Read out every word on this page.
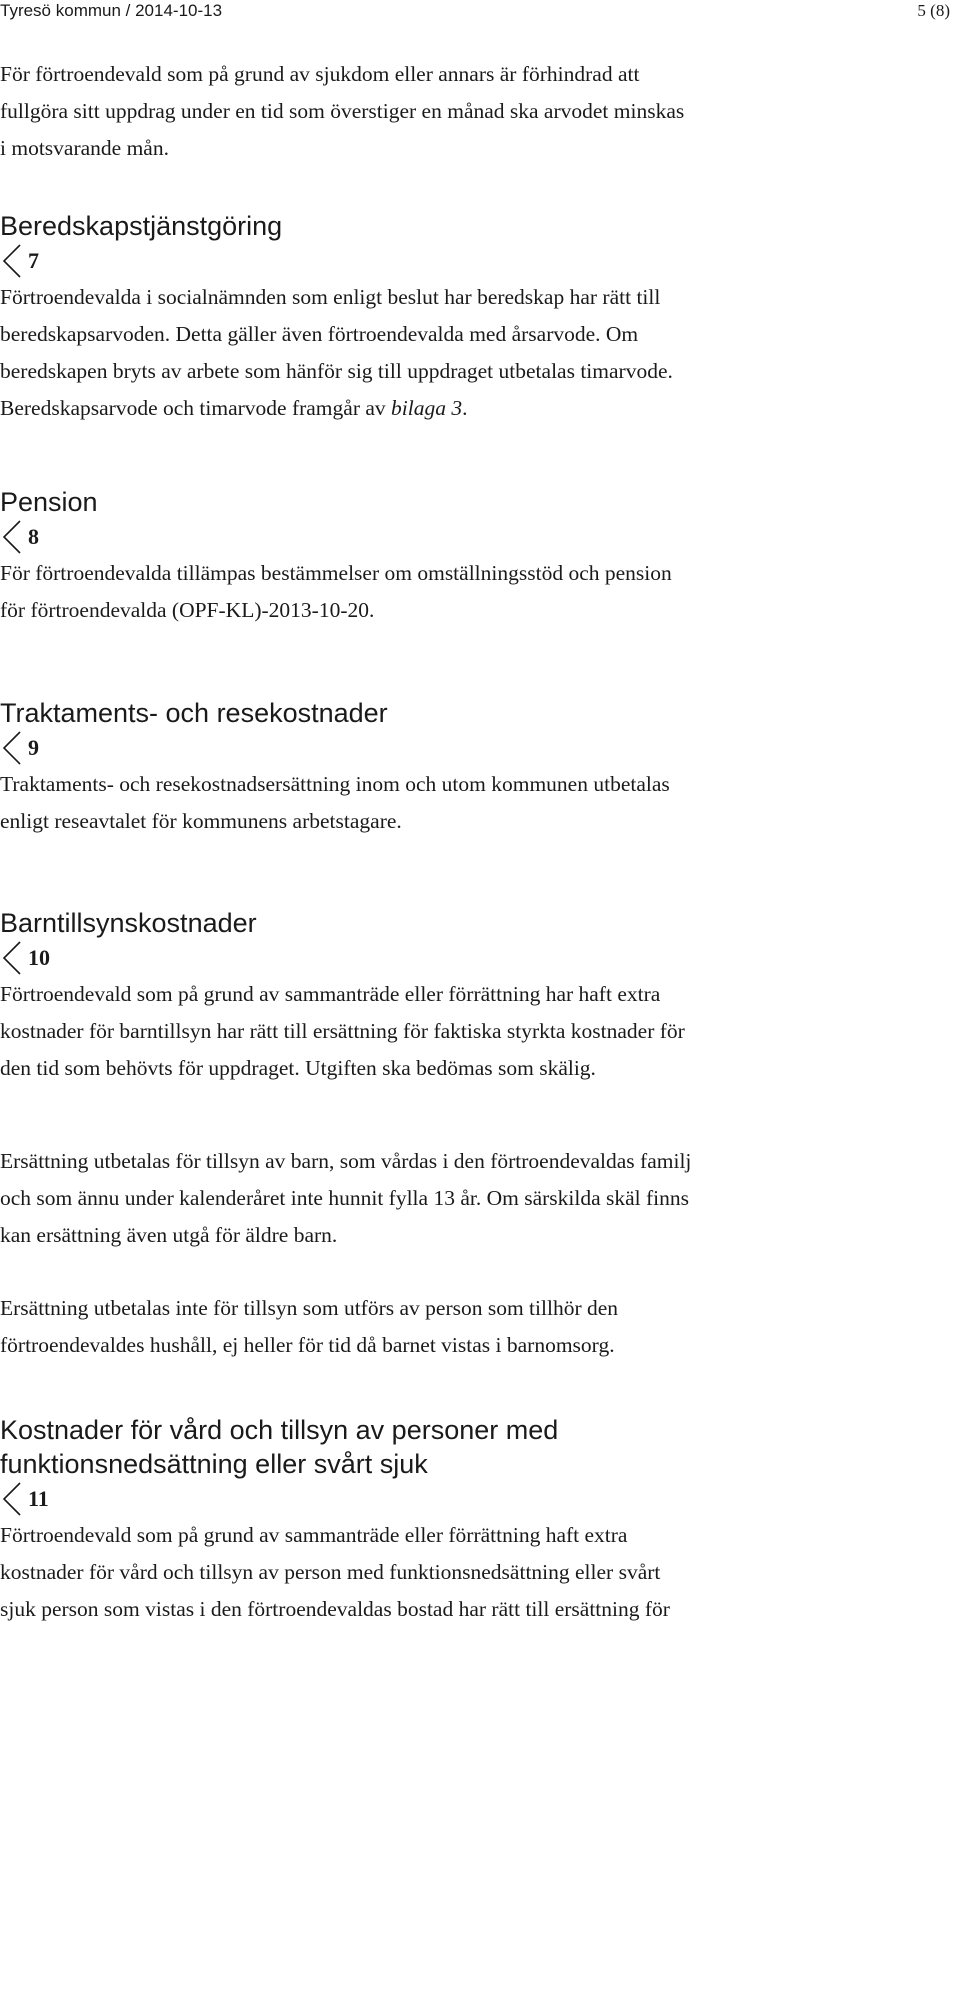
Tyresö kommun / 2014-10-13	5 (8)

För förtroendevald som på grund av sjukdom eller annars är förhindrad att
fullgöra sitt uppdrag under en tid som överstiger en månad ska arvodet minskas
i motsvarande mån.

Beredskapstjänstgöring
7

Förtroendevalda i socialnämnden som enligt beslut har beredskap har rätt till
beredskapsarvoden. Detta gäller även förtroendevalda med årsarvode. Om
beredskapen bryts av arbete som hänför sig till uppdraget utbetalas timarvode.
Beredskapsarvode och timarvode framgår av bilaga 3.

Pension
8

För förtroendevalda tillämpas bestämmelser om omställningsstöd och pension
för förtroendevalda (OPF-KL)-2013-10-20.

Traktaments- och resekostnader
9

Traktaments- och resekostnadsersättning inom och utom kommunen utbetalas
enligt reseavtalet för kommunens arbetstagare.

Barntillsynskostnader
10

Förtroendevald som på grund av sammanträde eller förrättning har haft extra
kostnader för barntillsyn har rätt till ersättning för faktiska styrkta kostnader för
den tid som behövts för uppdraget. Utgiften ska bedömas som skälig.

Ersättning utbetalas för tillsyn av barn, som vårdas i den förtroendevaldas familj
och som ännu under kalenderåret inte hunnit fylla 13 år. Om särskilda skäl finns
kan ersättning även utgå för äldre barn.

Ersättning utbetalas inte för tillsyn som utförs av person som tillhör den
förtroendevaldes hushåll, ej heller för tid då barnet vistas i barnomsorg.

Kostnader för vård och tillsyn av personer med
funktionsnedsättning eller svårt sjuk
11

Förtroendevald som på grund av sammanträde eller förrättning haft extra
kostnader för vård och tillsyn av person med funktionsnedsättning eller svårt
sjuk person som vistas i den förtroendevaldas bostad har rätt till ersättning för
